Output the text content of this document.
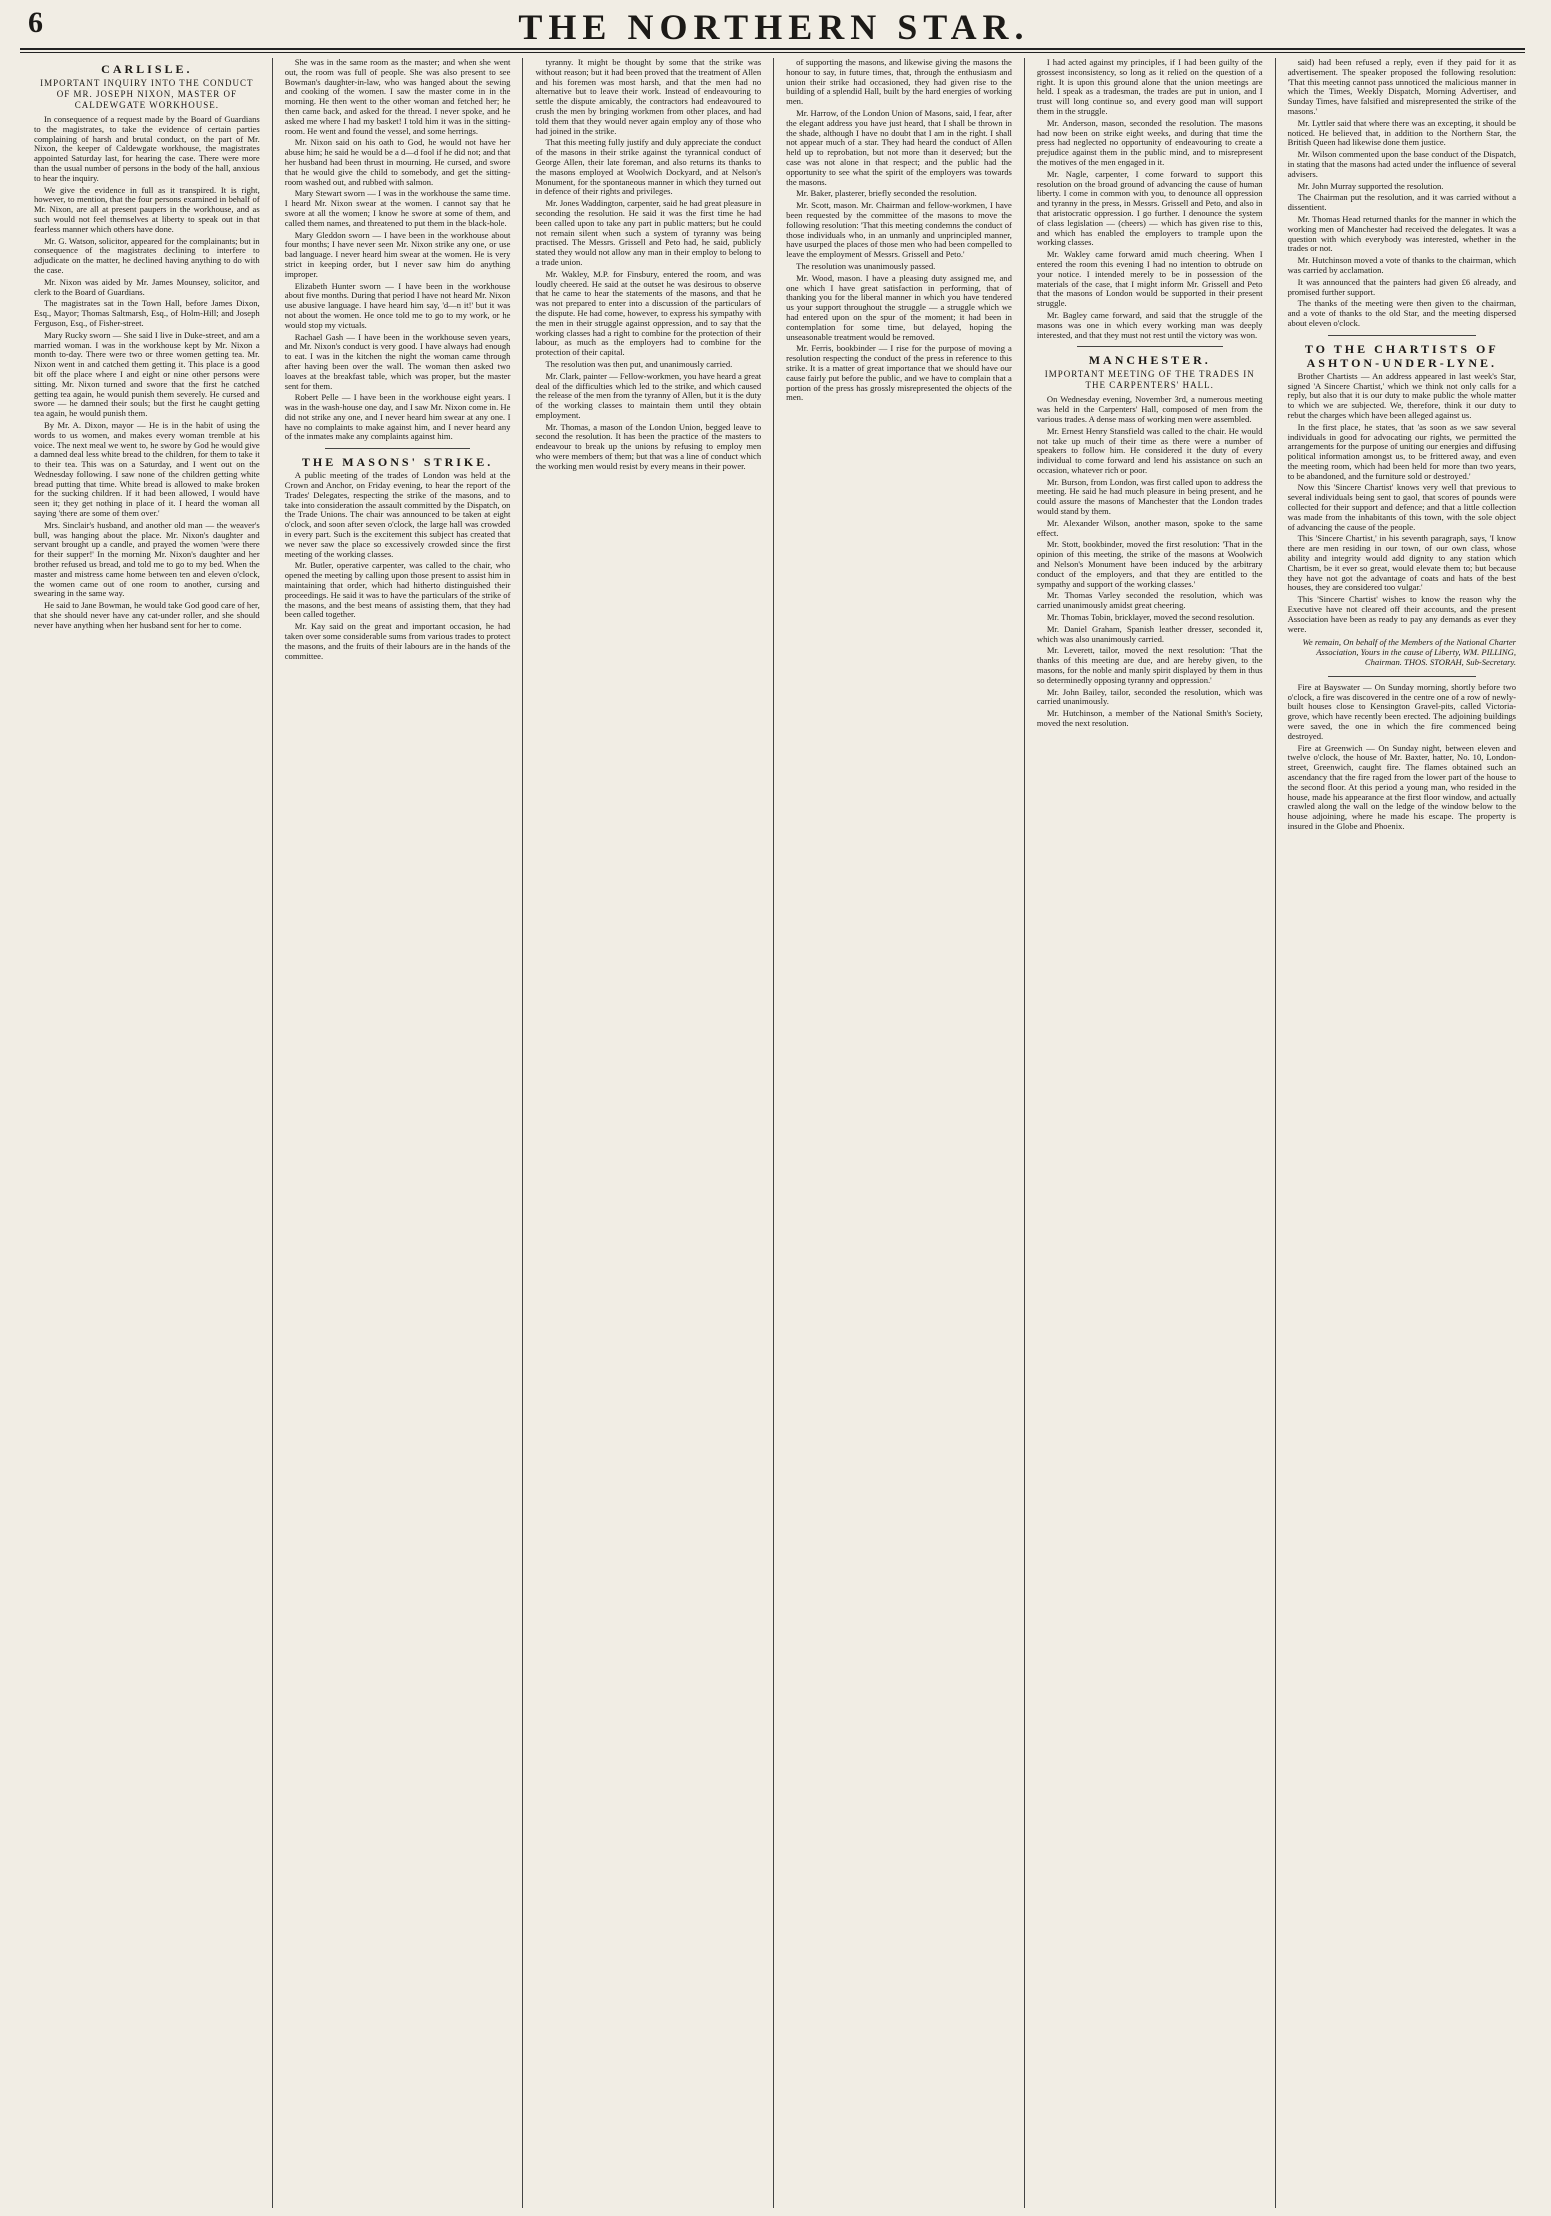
6	THE NORTHERN STAR.
CARLISLE.
IMPORTANT INQUIRY INTO THE CONDUCT OF MR. JOSEPH NIXON, MASTER OF CALDEWGATE WORKHOUSE.

In consequence of a request made by the Board of Guardians to the magistrates, to take the evidence of certain parties complaining of harsh and brutal conduct, on the part of Mr. Nixon, the keeper of Caldewgate workhouse, the magistrates appointed Saturday last, for hearing the case. There were more than the usual number of persons in the body of the hall, anxious to hear the inquiry.

We give the evidence in full as it transpired. It is right, however, to mention, that the four persons examined in behalf of Mr. Nixon, are all at present paupers in the workhouse, and as such would not feel themselves at liberty to speak out in that fearless manner which others have done.

Mr. G. Watson, solicitor, appeared for the complainants; but in consequence of the magistrates declining to interfere to adjudicate on the matter, he declined having anything to do with the case.

Mr. Nixon was aided by Mr. James Mounsey, solicitor, and clerk to the Board of Guardians.

The magistrates sat in the Town Hall, before James Dixon, Esq., Mayor; Thomas Saltmarsh, Esq., of Holm-Hill; and Joseph Ferguson, Esq., of Fisher-street.

Mary Rucky sworn — She said I live in Duke-street, and am a married woman. I was in the workhouse kept by Mr. Nixon a month to-day. There were two or three women getting tea. Mr. Nixon went in and catched them getting it. This place is a good bit off the place where I and eight or nine other persons were sitting. Mr. Nixon turned and swore that the first he catched getting tea again, he would punish them severely. He cursed and swore — he damned their souls; but the first he caught getting tea again, he would punish them.

By Mr. A. Dixon, mayor — He is in the habit of using the words to us women, and makes every woman tremble at his voice. The next meal we went to, he swore by God he would give a damned deal less white bread to the children, for them to take it to their tea. This was on a Saturday, and I went out on the Wednesday following. I saw none of the children getting white bread putting that time. White bread is allowed to make broken for the sucking children. If it had been allowed, I would have seen it; they get nothing in place of it. I heard the woman all saying 'there are some of them over.'

Mrs. Sinclair's husband, and another old man — the weaver's bull, was hanging about the place. Mr. Nixon's daughter and servant brought up a candle, and prayed the women 'were there for their supper!' In the morning Mr. Nixon's daughter and her brother refused us bread, and told me to go to my bed. When the master and mistress came home between ten and eleven o'clock, the women came out of one room to another, cursing and swearing in the same way.

He said to Jane Bowman, he would take God good care of her, that she should never have any cat-under roller, and she should never have anything when her husband sent for her to come.

She was in the same room as the master; and when she went out, the room was full of people. She was also present to see Bowman's daughter-in-law, who was hanged about the sewing and cooking of the women. I saw the master come in in the morning. He then went to the other woman and fetched her; he then came back, and asked for the thread. I never spoke, and he asked me where I had my basket! I told him it was in the sitting-room. He went and found the vessel, and some herrings.

Mr. Nixon said on his oath to God, he would not have her abuse him; he said he would be a d—d fool if he did not; and that her husband had been thrust in mourning. He cursed, and swore that he would give the child to somebody, and get the sitting-room washed out, and rubbed with salmon.

Mary Stewart sworn — I was in the workhouse the same time. I heard Mr. Nixon swear at the women. I cannot say that he swore at all the women; I know he swore at some of them, and called them names, and threatened to put them in the black-hole.

Mary Gleddon sworn — I have been in the workhouse about four months; I have never seen Mr. Nixon strike any one, or use bad language. I never heard him swear at the women. He is very strict in keeping order, but I never saw him do anything improper.

Elizabeth Hunter sworn — I have been in the workhouse about five months. During that period I have not heard Mr. Nixon use abusive language. I have heard him say, 'd—n it!' but it was not about the women. He once told me to go to my work, or he would stop my victuals.

Rachael Gash — I have been in the workhouse seven years, and Mr. Nixon's conduct is very good. I have always had enough to eat. I was in the kitchen the night the woman came through after having been over the wall. The woman then asked two loaves at the breakfast table, which was proper, but the master sent for them.

Robert Pelle — I have been in the workhouse eight years. I was in the wash-house one day, and I saw Mr. Nixon come in. He did not strike any one, and I never heard him swear at any one. I have no complaints to make against him, and I never heard any of the inmates make any complaints against him.

THE MASONS' STRIKE.

A public meeting of the trades of London was held at the Crown and Anchor, on Friday evening, to hear the report of the Trades' Delegates, respecting the strike of the masons, and to take into consideration the assault committed by the Dispatch, on the Trade Unions. The chair was announced to be taken at eight o'clock, and soon after seven o'clock, the large hall was crowded in every part. Such is the excitement this subject has created that we never saw the place so excessively crowded since the first meeting of the working classes.

Mr. Butler, operative carpenter, was called to the chair, who opened the meeting by calling upon those present to assist him in maintaining that order, which had hitherto distinguished their proceedings. He said it was to have the particulars of the strike of the masons, and the best means of assisting them, that they had been called together.

Mr. Kay said on the great and important occasion, he had taken over some considerable sums from various trades to protect the masons, and the fruits of their labours are in the hands of the committee.

tyranny. It might be thought by some that the strike was without reason; but it had been proved that the treatment of Allen and his foremen was most harsh, and that the men had no alternative but to leave their work. Instead of endeavouring to settle the dispute amicably, the contractors had endeavoured to crush the men by bringing workmen from other places, and had told them that they would never again employ any of those who had joined in the strike.

That this meeting fully justify and duly appreciate the conduct of the masons in their strike against the tyrannical conduct of George Allen, their late foreman, and also returns its thanks to the masons employed at Woolwich Dockyard, and at Nelson's Monument, for the spontaneous manner in which they turned out in defence of their rights and privileges.

Mr. Jones Waddington, carpenter, said he had great pleasure in seconding the resolution. He said it was the first time he had been called upon to take any part in public matters; but he could not remain silent when such a system of tyranny was being practised. The Messrs. Grissell and Peto had, he said, publicly stated they would not allow any man in their employ to belong to a trade union.

Mr. Wakley, M.P. for Finsbury, entered the room, and was loudly cheered. He said at the outset he was desirous to observe that he came to hear the statements of the masons, and that he was not prepared to enter into a discussion of the particulars of the dispute. He had come, however, to express his sympathy with the men in their struggle against oppression, and to say that the working classes had a right to combine for the protection of their labour, as much as the employers had to combine for the protection of their capital.

The resolution was then put, and unanimously carried.

Mr. Clark, painter — Fellow-workmen, you have heard a great deal of the difficulties which led to the strike, and which caused the release of the men from the tyranny of Allen, but it is the duty of the working classes to maintain them until they obtain employment.

Mr. Thomas, a mason of the London Union, begged leave to second the resolution. It has been the practice of the masters to endeavour to break up the unions by refusing to employ men who were members of them; but that was a line of conduct which the working men would resist by every means in their power.

of supporting the masons, and likewise giving the masons the honour to say, in future times, that, through the enthusiasm and union their strike had occasioned, they had given rise to the building of a splendid Hall, built by the hard energies of working men.

Mr. Harrow, of the London Union of Masons, said, I fear, after the elegant address you have just heard, that I shall be thrown in the shade, although I have no doubt that I am in the right. I shall not appear much of a star. They had heard the conduct of Allen held up to reprobation, but not more than it deserved; but the case was not alone in that respect; and the public had the opportunity to see what the spirit of the employers was towards the masons.

Mr. Baker, plasterer, briefly seconded the resolution.

Mr. Scott, mason. Mr. Chairman and fellow-workmen, I have been requested by the committee of the masons to move the following resolution: 'That this meeting condemns the conduct of those individuals who, in an unmanly and unprincipled manner, have usurped the places of those men who had been compelled to leave the employment of Messrs. Grissell and Peto.'

The resolution was unanimously passed.

Mr. Wood, mason. I have a pleasing duty assigned me, and one which I have great satisfaction in performing, that of thanking you for the liberal manner in which you have tendered us your support throughout the struggle — a struggle which we had entered upon on the spur of the moment; it had been in contemplation for some time, but delayed, hoping the unseasonable treatment would be removed.

Mr. Ferris, bookbinder — I rise for the purpose of moving a resolution respecting the conduct of the press in reference to this strike. It is a matter of great importance that we should have our cause fairly put before the public, and we have to complain that a portion of the press has grossly misrepresented the objects of the men.

I had acted against my principles, if I had been guilty of the grossest inconsistency, so long as it relied on the question of a right. It is upon this ground alone that the union meetings are held. I speak as a tradesman, the trades are put in union, and I trust will long continue so, and every good man will support them in the struggle.

Mr. Anderson, mason, seconded the resolution. The masons had now been on strike eight weeks, and during that time the press had neglected no opportunity of endeavouring to create a prejudice against them in the public mind, and to misrepresent the motives of the men engaged in it.

Mr. Nagle, carpenter, I come forward to support this resolution on the broad ground of advancing the cause of human liberty. I come in common with you, to denounce all oppression and tyranny in the press, in Messrs. Grissell and Peto, and also in that aristocratic oppression. I go further. I denounce the system of class legislation — (cheers) — which has given rise to this, and which has enabled the employers to trample upon the working classes.

Mr. Wakley came forward amid much cheering. When I entered the room this evening I had no intention to obtrude on your notice. I intended merely to be in possession of the materials of the case, that I might inform Mr. Grissell and Peto that the masons of London would be supported in their present struggle.

Mr. Bagley came forward, and said that the struggle of the masons was one in which every working man was deeply interested, and that they must not rest until the victory was won.

MANCHESTER.
IMPORTANT MEETING OF THE TRADES IN THE CARPENTERS' HALL.

On Wednesday evening, November 3rd, a numerous meeting was held in the Carpenters' Hall, composed of men from the various trades. A dense mass of working men were assembled.

Mr. Ernest Henry Stansfield was called to the chair. He would not take up much of their time as there were a number of speakers to follow him. He considered it the duty of every individual to come forward and lend his assistance on such an occasion, whatever rich or poor.

Mr. Burson, from London, was first called upon to address the meeting. He said he had much pleasure in being present, and he could assure the masons of Manchester that the London trades would stand by them.

Mr. Alexander Wilson, another mason, spoke to the same effect.

Mr. Stott, bookbinder, moved the first resolution: 'That in the opinion of this meeting, the strike of the masons at Woolwich and Nelson's Monument have been induced by the arbitrary conduct of the employers, and that they are entitled to the sympathy and support of the working classes.'

Mr. Thomas Varley seconded the resolution, which was carried unanimously amidst great cheering.

Mr. Thomas Tobin, bricklayer, moved the second resolution.

Mr. Daniel Graham, Spanish leather dresser, seconded it, which was also unanimously carried.

Mr. Leverett, tailor, moved the next resolution: 'That the thanks of this meeting are due, and are hereby given, to the masons, for the noble and manly spirit displayed by them in thus so determinedly opposing tyranny and oppression.'

Mr. John Bailey, tailor, seconded the resolution, which was carried unanimously.

Mr. Hutchinson, a member of the National Smith's Society, moved the next resolution.

said) had been refused a reply, even if they paid for it as advertisement. The speaker proposed the following resolution: 'That this meeting cannot pass unnoticed the malicious manner in which the Times, Weekly Dispatch, Morning Advertiser, and Sunday Times, have falsified and misrepresented the strike of the masons.'

Mr. Lyttler said that where there was an excepting, it should be noticed. He believed that, in addition to the Northern Star, the British Queen had likewise done them justice.

Mr. Wilson commented upon the base conduct of the Dispatch, in stating that the masons had acted under the influence of several advisers.

Mr. John Murray supported the resolution.

The Chairman put the resolution, and it was carried without a dissentient.

Mr. Thomas Head returned thanks for the manner in which the working men of Manchester had received the delegates. It was a question with which everybody was interested, whether in the trades or not.

Mr. Hutchinson moved a vote of thanks to the chairman, which was carried by acclamation.

It was announced that the painters had given £6 already, and promised further support.

The thanks of the meeting were then given to the chairman, and a vote of thanks to the old Star, and the meeting dispersed about eleven o'clock.

TO THE CHARTISTS OF ASHTON-UNDER-LYNE.

Brother Chartists — An address appeared in last week's Star, signed 'A Sincere Chartist,' which we think not only calls for a reply, but also that it is our duty to make public the whole matter to which we are subjected. We, therefore, think it our duty to rebut the charges which have been alleged against us.

In the first place, he states, that 'as soon as we saw several individuals in good for advocating our rights, we permitted the arrangements for the purpose of uniting our energies and diffusing political information amongst us, to be frittered away, and even the meeting room, which had been held for more than two years, to be abandoned, and the furniture sold or destroyed.'

Now this 'Sincere Chartist' knows very well that previous to several individuals being sent to gaol, that scores of pounds were collected for their support and defence; and that a little collection was made from the inhabitants of this town, with the sole object of advancing the cause of the people.

This 'Sincere Chartist,' in his seventh paragraph, says, 'I know there are men residing in our town, of our own class, whose ability and integrity would add dignity to any station which Chartism, be it ever so great, would elevate them to; but because they have not got the advantage of coats and hats of the best houses, they are considered too vulgar.'

This 'Sincere Chartist' wishes to know the reason why the Executive have not cleared off their accounts, and the present Association have been as ready to pay any demands as ever they were.

We remain, On behalf of the Members of the National Charter Association, Yours in the cause of Liberty, WM. PILLING, Chairman. THOS. STORAH, Sub-Secretary.

Fire at Bayswater — On Sunday morning, shortly before two o'clock, a fire was discovered in the centre one of a row of newly-built houses close to Kensington Gravel-pits, called Victoria-grove, which have recently been erected. The adjoining buildings were saved, the one in which the fire commenced being destroyed.

Fire at Greenwich — On Sunday night, between eleven and twelve o'clock, the house of Mr. Baxter, hatter, No. 10, London-street, Greenwich, caught fire. The flames obtained such an ascendancy that the fire raged from the lower part of the house to the second floor. At this period a young man, who resided in the house, made his appearance at the first floor window, and actually crawled along the wall on the ledge of the window below to the house adjoining, where he made his escape. The property is insured in the Globe and Phoenix.
